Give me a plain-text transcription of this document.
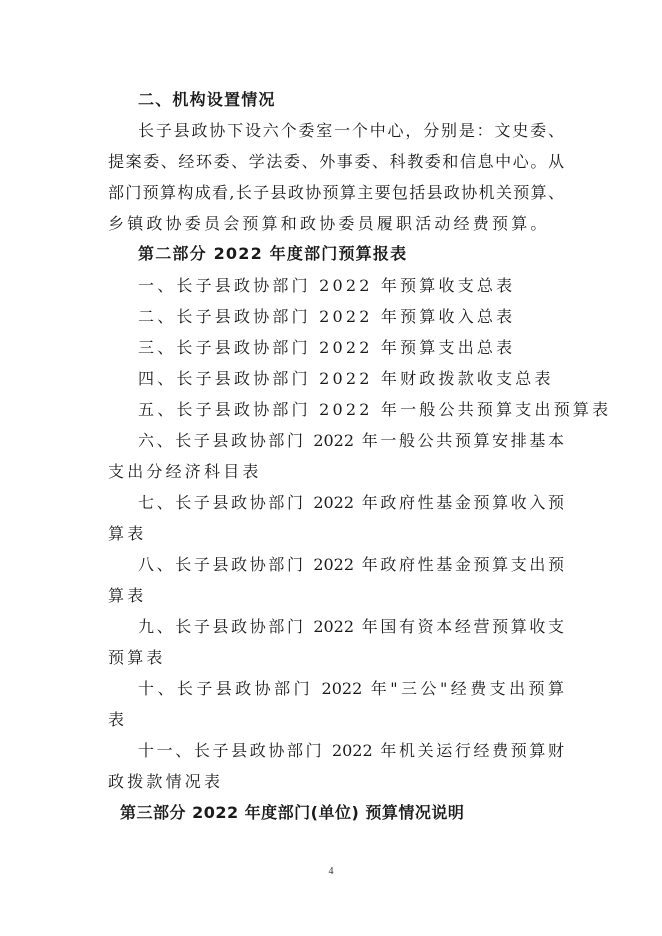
二、机构设置情况
长子县政协下设六个委室一个中心，分别是：文史委、
提案委、经环委、学法委、外事委、科教委和信息中心。从
部门预算构成看,长子县政协预算主要包括县政协机关预算、
乡镇政协委员会预算和政协委员履职活动经费预算。
第二部分 2022 年度部门预算报表
一、长子县政协部门 2022 年预算收支总表
二、长子县政协部门 2022 年预算收入总表
三、长子县政协部门 2022 年预算支出总表
四、长子县政协部门 2022 年财政拨款收支总表
五、长子县政协部门 2022 年一般公共预算支出预算表
六、长子县政协部门 2022 年一般公共预算安排基本
支出分经济科目表
七、长子县政协部门 2022 年政府性基金预算收入预
算表
八、长子县政协部门 2022 年政府性基金预算支出预
算表
九、长子县政协部门 2022 年国有资本经营预算收支
预算表
十、长子县政协部门 2022 年"三公"经费支出预算
表
十一、长子县政协部门 2022 年机关运行经费预算财
政拨款情况表
第三部分 2022 年度部门(单位) 预算情况说明
4
